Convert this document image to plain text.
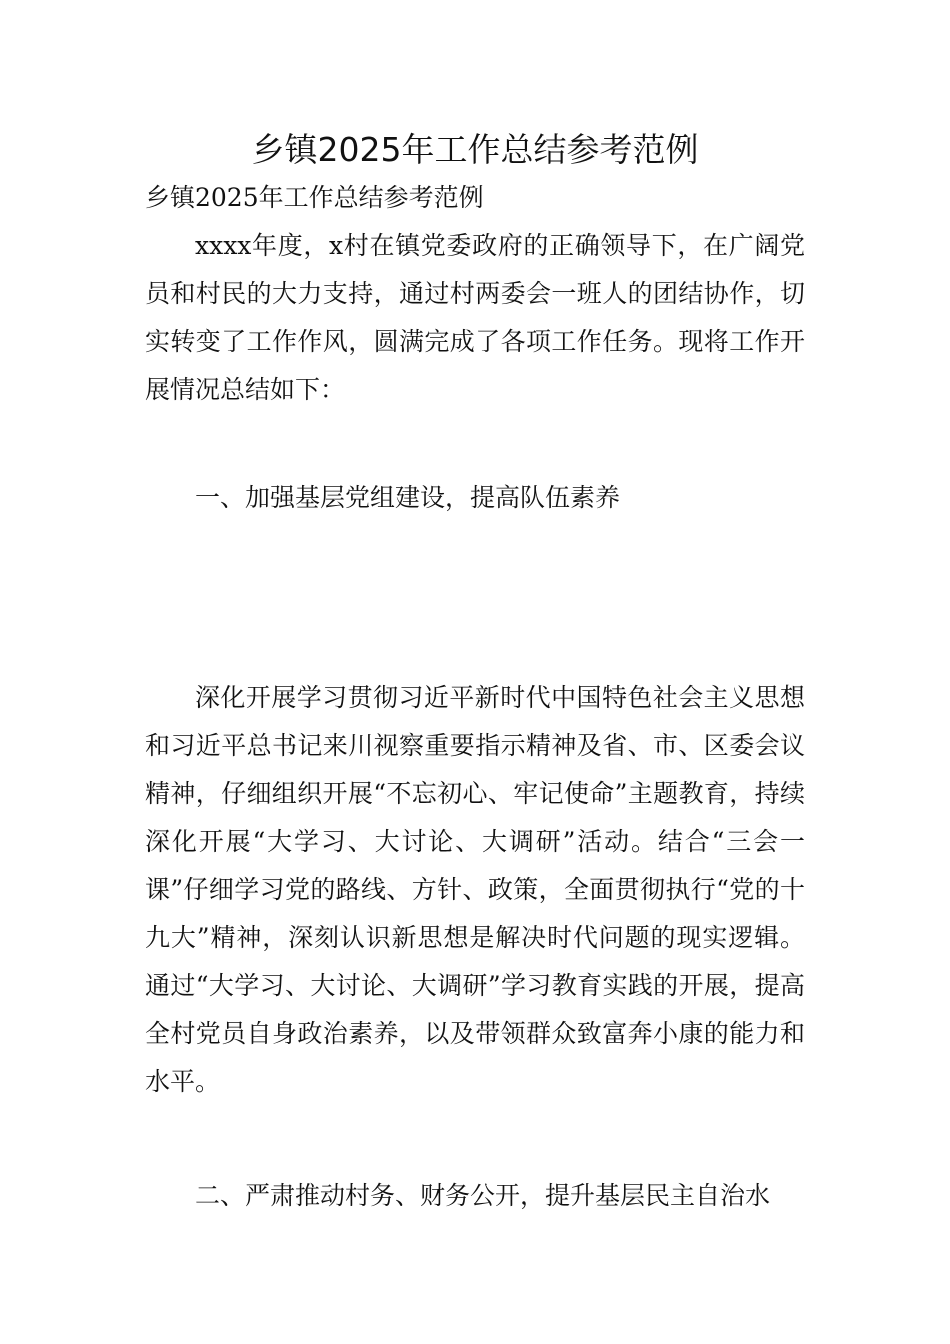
乡镇2025年工作总结参考范例
乡镇2025年工作总结参考范例

xxxx年度，x村在镇党委政府的正确领导下，在广阔党员和村民的大力支持，通过村两委会一班人的团结协作，切实转变了工作作风，圆满完成了各项工作任务。现将工作开展情况总结如下：

一、加强基层党组建设，提高队伍素养

深化开展学习贯彻习近平新时代中国特色社会主义思想和习近平总书记来川视察重要指示精神及省、市、区委会议精神，仔细组织开展“不忘初心、牢记使命”主题教育，持续深化开展“大学习、大讨论、大调研”活动。结合“三会一课”仔细学习党的路线、方针、政策，全面贯彻执行“党的十九大”精神，深刻认识新思想是解决时代问题的现实逻辑。通过“大学习、大讨论、大调研”学习教育实践的开展，提高全村党员自身政治素养，以及带领群众致富奔小康的能力和水平。

二、严肃推动村务、财务公开，提升基层民主自治水
